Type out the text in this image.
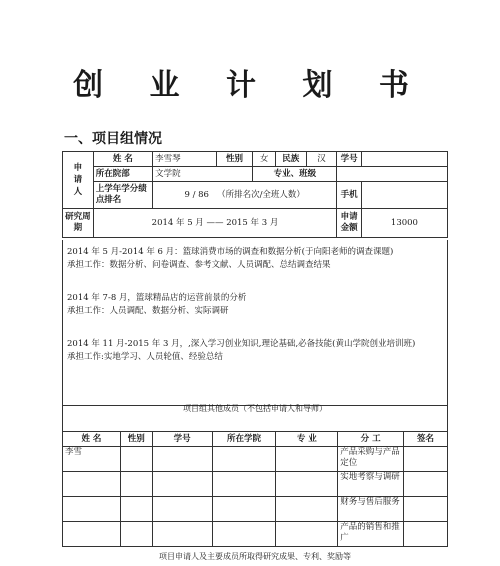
创 业 计 划 书
一、项目组情况
申
请
人	姓 名	李雪琴	性别	女	民族	汉	学号	
	所在院部	文学院		专业、班级				
	上学年学分绩点排名	9 / 86 （所排名次/全班人数）					手机	
研究周期	2014 年 5 月 —— 2015 年 3 月						申请金额	13000
2014 年 5 月-2014 年 6 月：篮球消费市场的调查和数据分析(于向阳老师的调查课题)
承担工作：数据分析、问卷调查、参考文献、人员调配、总结调查结果
2014 年 7-8 月，篮球精品店的运营前景的分析
承担工作：人员调配、数据分析、实际调研
2014 年 11 月-2015 年 3 月，,深入学习创业知识,理论基础,必备技能(黄山学院创业培训班)
承担工作:实地学习、人员轮值、经验总结
项目组其他成员（不包括申请人和导师）
姓 名	性别	学号	所在学院	专 业	分 工	签名
李雪					产品采购与产品定位	
					实地考察与调研	
					财务与售后服务	
					产品的销售和推广	
项目申请人及主要成员所取得研究成果、专利、奖励等
